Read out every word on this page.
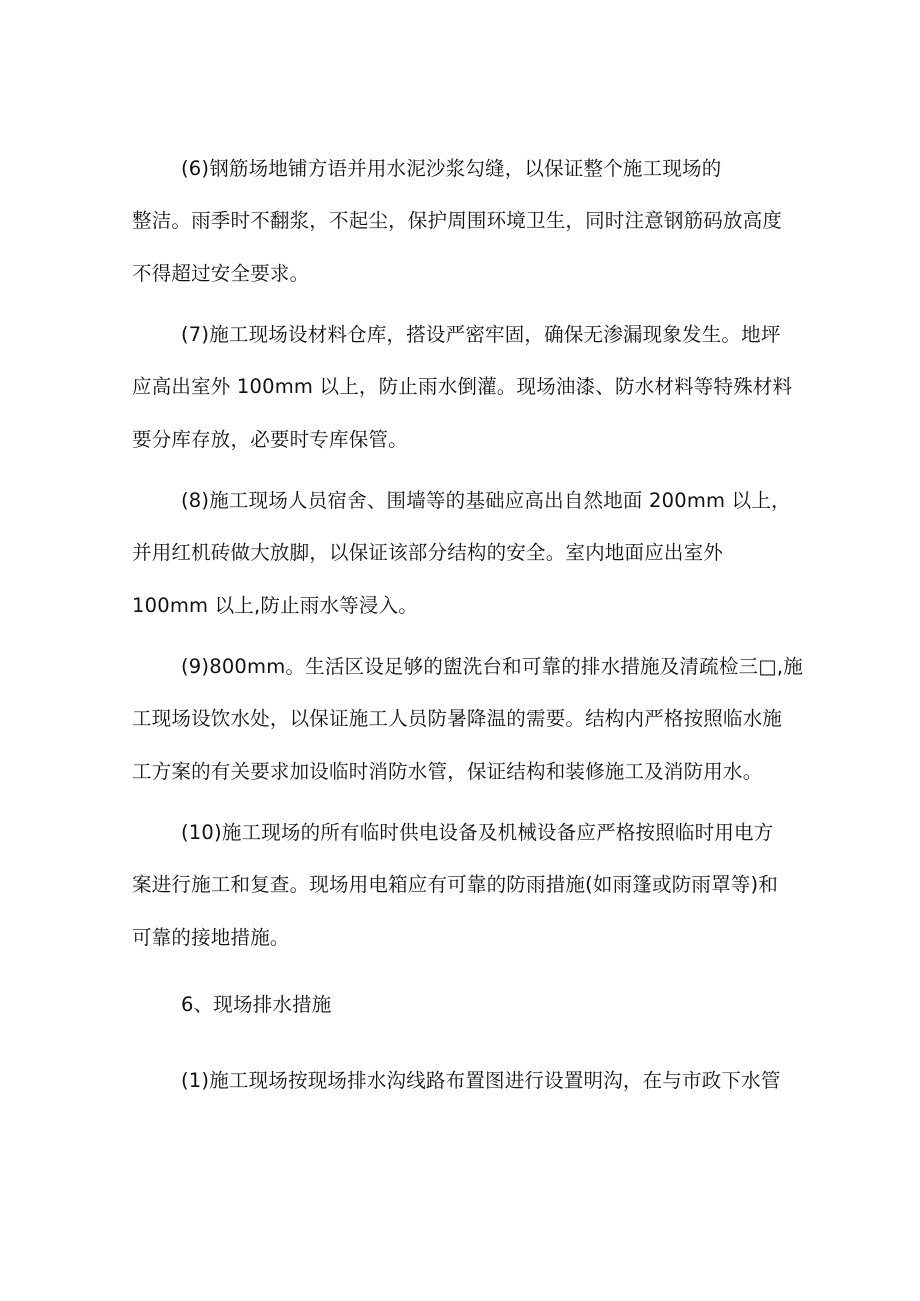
(6)钢筋场地铺方语并用水泥沙浆勾缝，以保证整个施工现场的
整洁。雨季时不翻浆，不起尘，保护周围环境卫生，同时注意钢筋码放高度
不得超过安全要求。
(7)施工现场设材料仓库，搭设严密牢固，确保无渗漏现象发生。地坪
应高出室外 100mm 以上，防止雨水倒灌。现场油漆、防水材料等特殊材料
要分库存放，必要时专库保管。
(8)施工现场人员宿舍、围墙等的基础应高出自然地面 200mm 以上，
并用红机砖做大放脚，以保证该部分结构的安全。室内地面应出室外
100mm 以上,防止雨水等浸入。
(9)800mm。生活区设足够的盥洗台和可靠的排水措施及清疏检三□,施
工现场设饮水处，以保证施工人员防暑降温的需要。结构内严格按照临水施
工方案的有关要求加设临时消防水管，保证结构和装修施工及消防用水。
(10)施工现场的所有临时供电设备及机械设备应严格按照临时用电方
案进行施工和复查。现场用电箱应有可靠的防雨措施(如雨篷或防雨罩等)和
可靠的接地措施。
6、现场排水措施
(1)施工现场按现场排水沟线路布置图进行设置明沟，在与市政下水管
